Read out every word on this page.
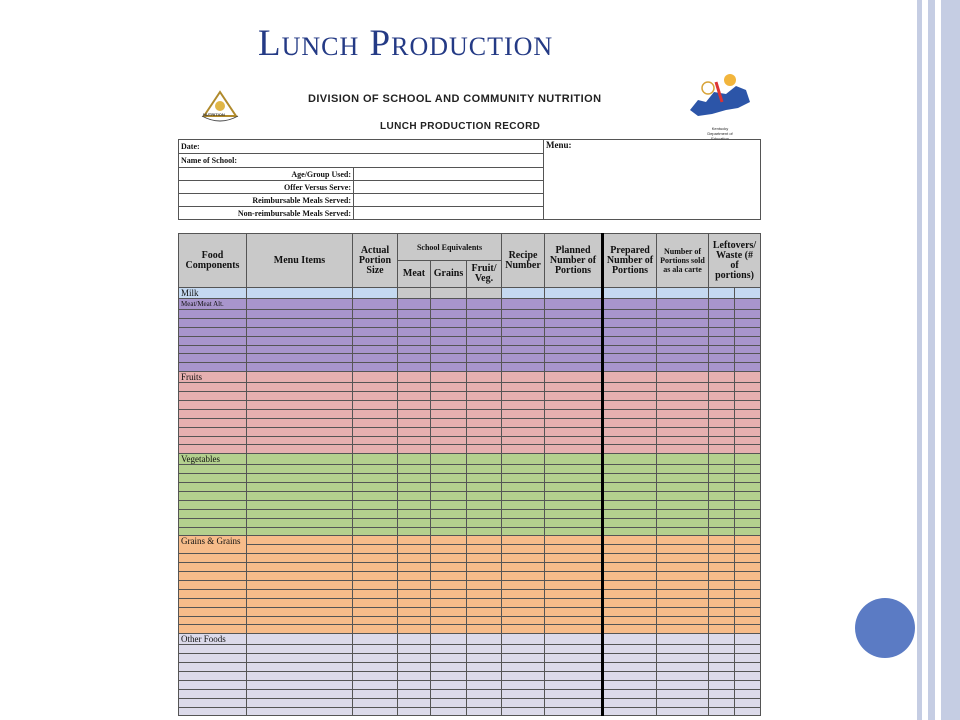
Lunch Production
NUTRITION
DIVISION OF SCHOOL AND COMMUNITY NUTRITION
LUNCH PRODUCTION RECORD	Kentucky Department of Education
Date:		Menu:
Name of School:		
Age/Group Used:		
Offer Versus Serve:		
Reimbursable Meals Served:		
Non-reimbursable Meals Served:		
Food Components	Menu Items	Actual Portion Size	School Equivalents			Recipe Number	Planned Number of Portions	Prepared Number of Portions	Number of Portions sold as ala carte	Leftovers/ Waste (# of portions)	
			Meat	Grains	Fruit/ Veg.						
Milk											
Meat/Meat Alt.											

Fruits											

Vegetables											

Grains & Grains											

Other Foods											
